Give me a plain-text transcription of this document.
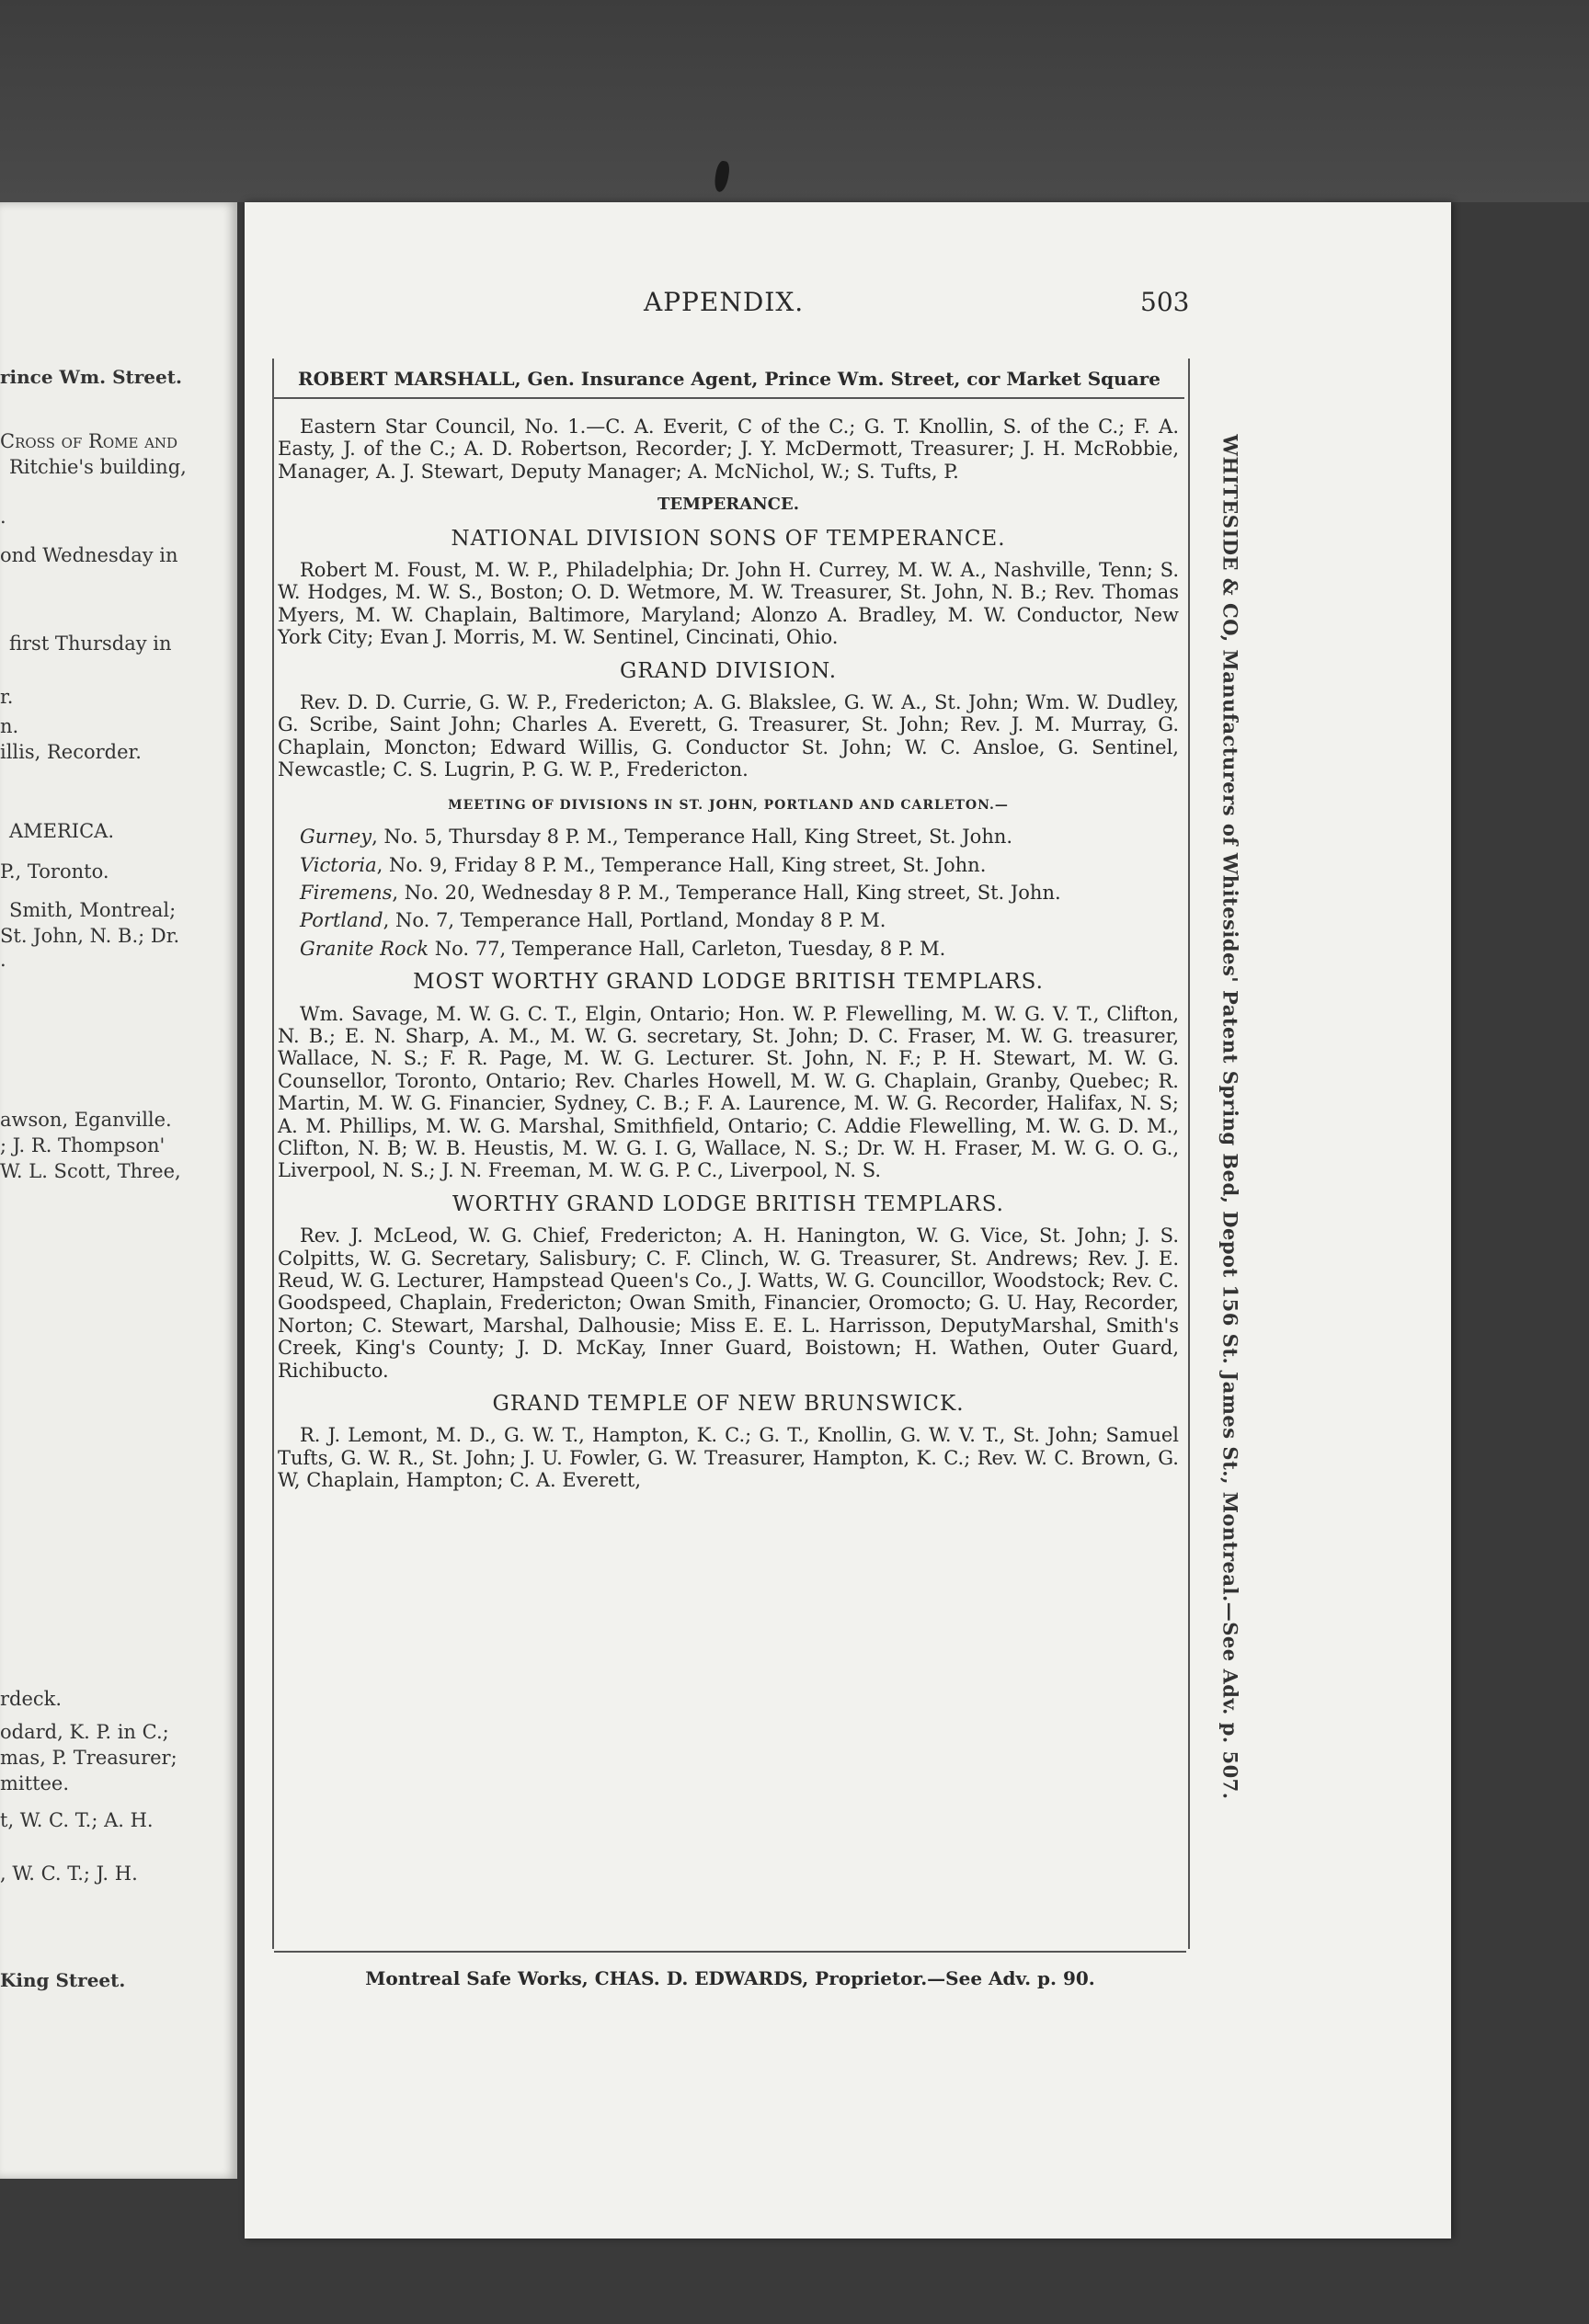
rince Wm. Street.
Cross of Rome and
Ritchie's building,
.
ond Wednesday in
first Thursday in
r.
n.
illis, Recorder.
AMERICA.
P., Toronto.
Smith, Montreal;
St. John, N. B.; Dr.
.
awson, Eganville.
; J. R. Thompson'
W. L. Scott, Three,
rdeck.
odard, K. P. in C.;
mas, P. Treasurer;
mittee.
t, W. C. T.; A. H.
, W. C. T.; J. H.
King Street.
APPENDIX.	503
ROBERT MARSHALL, Gen. Insurance Agent, Prince Wm. Street, cor Market Square
WHITESIDE & CO, Manufacturers of Whitesides' Patent Spring Bed, Depot 156 St. James St., Montreal.—See Adv. p. 507.

Eastern Star Council, No. 1.—C. A. Everit, C of the C.; G. T. Knollin, S. of the C.; F. A. Easty, J. of the C.; A. D. Robertson, Recorder; J. Y. McDermott, Treasurer; J. H. McRobbie, Manager, A. J. Stewart, Deputy Manager; A. McNichol, W.; S. Tufts, P.

TEMPERANCE.
NATIONAL DIVISION SONS OF TEMPERANCE.

Robert M. Foust, M. W. P., Philadelphia; Dr. John H. Currey, M. W. A., Nashville, Tenn; S. W. Hodges, M. W. S., Boston; O. D. Wetmore, M. W. Treasurer, St. John, N. B.; Rev. Thomas Myers, M. W. Chaplain, Baltimore, Maryland; Alonzo A. Bradley, M. W. Conductor, New York City; Evan J. Morris, M. W. Sentinel, Cincinati, Ohio.

GRAND DIVISION.

Rev. D. D. Currie, G. W. P., Fredericton; A. G. Blakslee, G. W. A., St. John; Wm. W. Dudley, G. Scribe, Saint John; Charles A. Everett, G. Treasurer, St. John; Rev. J. M. Murray, G. Chaplain, Moncton; Edward Willis, G. Conductor St. John; W. C. Ansloe, G. Sentinel, Newcastle; C. S. Lugrin, P. G. W. P., Fredericton.

MEETING OF DIVISIONS IN ST. JOHN, PORTLAND AND CARLETON.—
Gurney, No. 5, Thursday 8 P. M., Temperance Hall, King Street, St. John.
Victoria, No. 9, Friday 8 P. M., Temperance Hall, King street, St. John.
Firemens, No. 20, Wednesday 8 P. M., Temperance Hall, King street, St. John.
Portland, No. 7, Temperance Hall, Portland, Monday 8 P. M.
Granite Rock No. 77, Temperance Hall, Carleton, Tuesday, 8 P. M.
MOST WORTHY GRAND LODGE BRITISH TEMPLARS.

Wm. Savage, M. W. G. C. T., Elgin, Ontario; Hon. W. P. Flewelling, M. W. G. V. T., Clifton, N. B.; E. N. Sharp, A. M., M. W. G. secretary, St. John; D. C. Fraser, M. W. G. treasurer, Wallace, N. S.; F. R. Page, M. W. G. Lecturer. St. John, N. F.; P. H. Stewart, M. W. G. Counsellor, Toronto, Ontario; Rev. Charles Howell, M. W. G. Chaplain, Granby, Quebec; R. Martin, M. W. G. Financier, Sydney, C. B.; F. A. Laurence, M. W. G. Recorder, Halifax, N. S; A. M. Phillips, M. W. G. Marshal, Smithfield, Ontario; C. Addie Flewelling, M. W. G. D. M., Clifton, N. B; W. B. Heustis, M. W. G. I. G, Wallace, N. S.; Dr. W. H. Fraser, M. W. G. O. G., Liverpool, N. S.; J. N. Freeman, M. W. G. P. C., Liverpool, N. S.

WORTHY GRAND LODGE BRITISH TEMPLARS.

Rev. J. McLeod, W. G. Chief, Fredericton; A. H. Hanington, W. G. Vice, St. John; J. S. Colpitts, W. G. Secretary, Salisbury; C. F. Clinch, W. G. Treasurer, St. Andrews; Rev. J. E. Reud, W. G. Lecturer, Hampstead Queen's Co., J. Watts, W. G. Councillor, Woodstock; Rev. C. Goodspeed, Chaplain, Fredericton; Owan Smith, Financier, Oromocto; G. U. Hay, Recorder, Norton; C. Stewart, Marshal, Dalhousie; Miss E. E. L. Harrisson, DeputyMarshal, Smith's Creek, King's County; J. D. McKay, Inner Guard, Boistown; H. Wathen, Outer Guard, Richibucto.

GRAND TEMPLE OF NEW BRUNSWICK.

R. J. Lemont, M. D., G. W. T., Hampton, K. C.; G. T., Knollin, G. W. V. T., St. John; Samuel Tufts, G. W. R., St. John; J. U. Fowler, G. W. Treasurer, Hampton, K. C.; Rev. W. C. Brown, G. W, Chaplain, Hampton; C. A. Everett,

Montreal Safe Works, CHAS. D. EDWARDS, Proprietor.—See Adv. p. 90.
